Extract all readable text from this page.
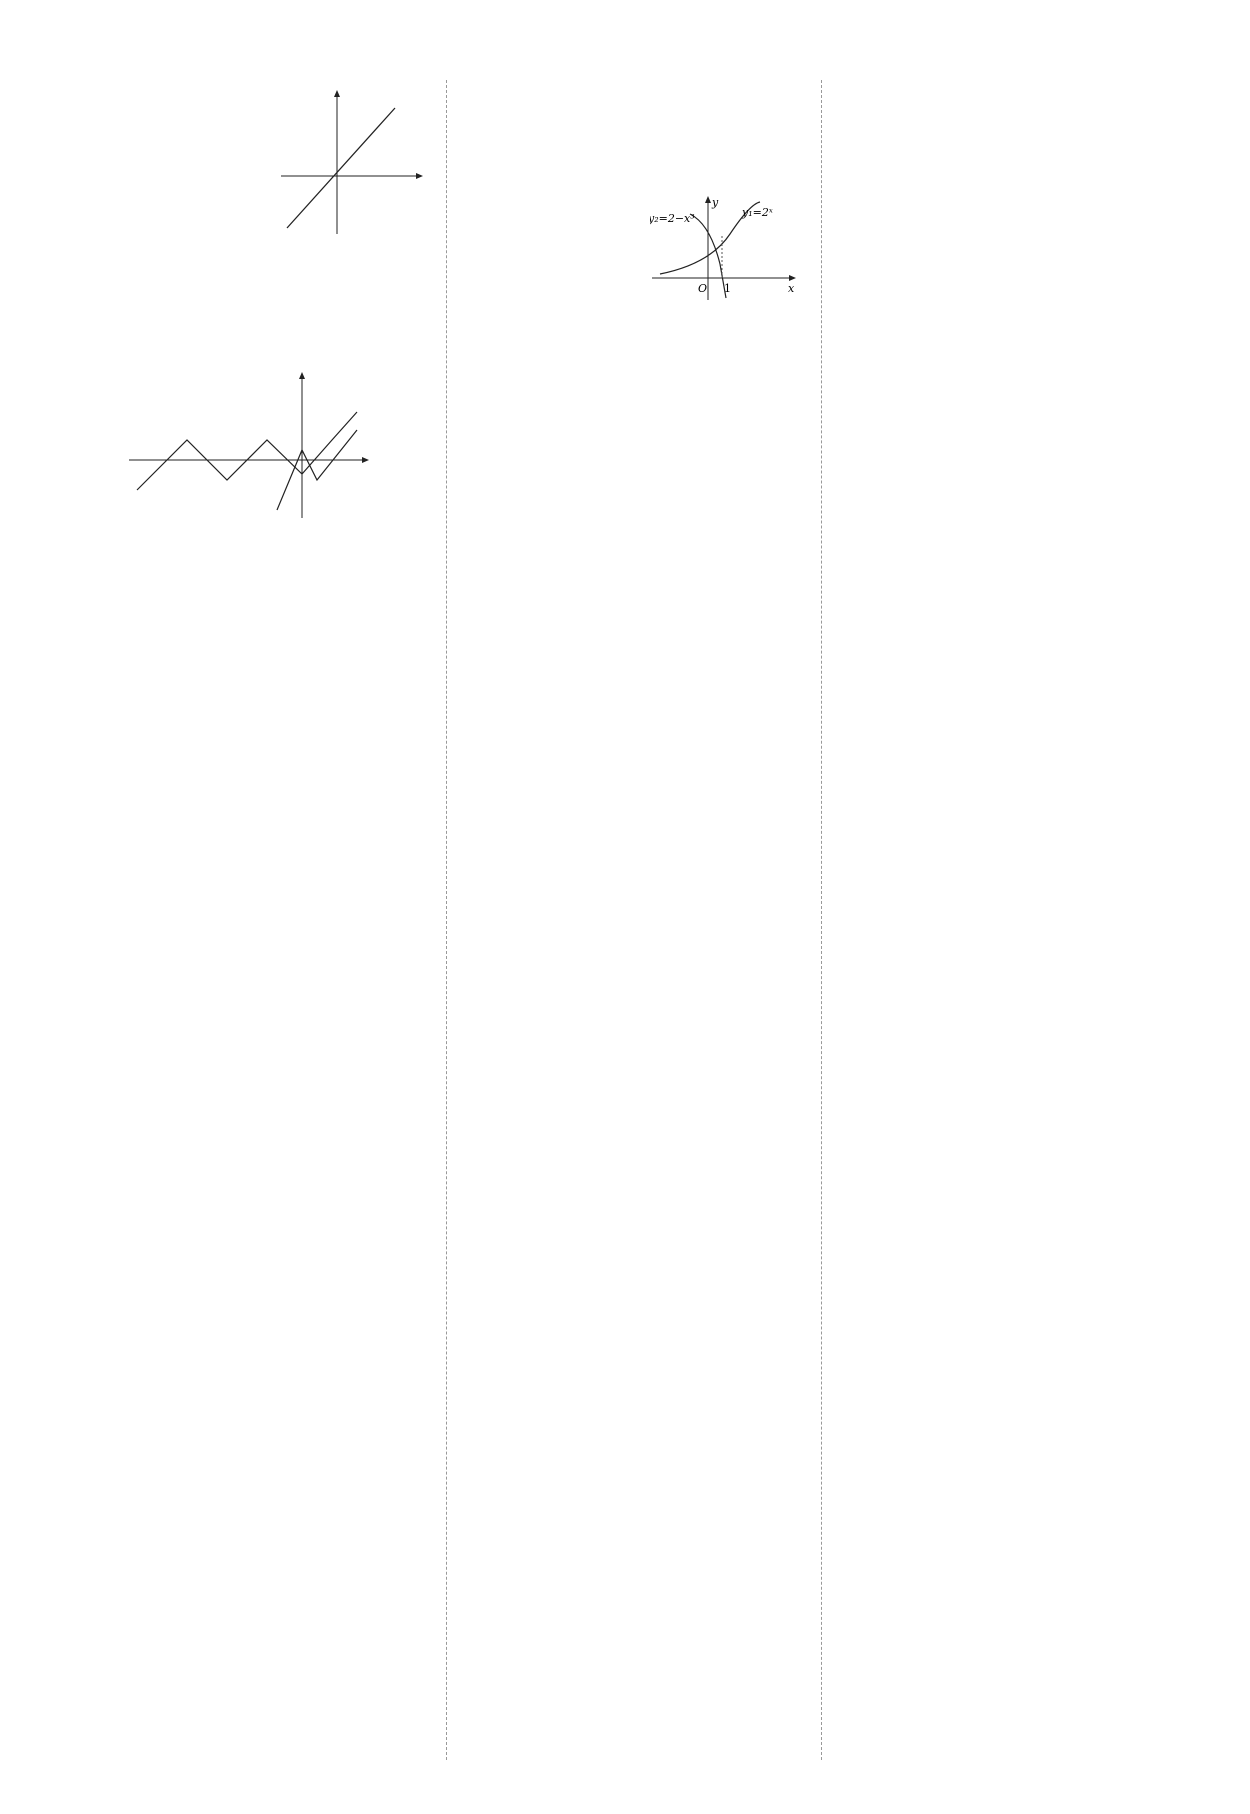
O 1	x
y
y₂=2−x³	y₁=2ˣ
